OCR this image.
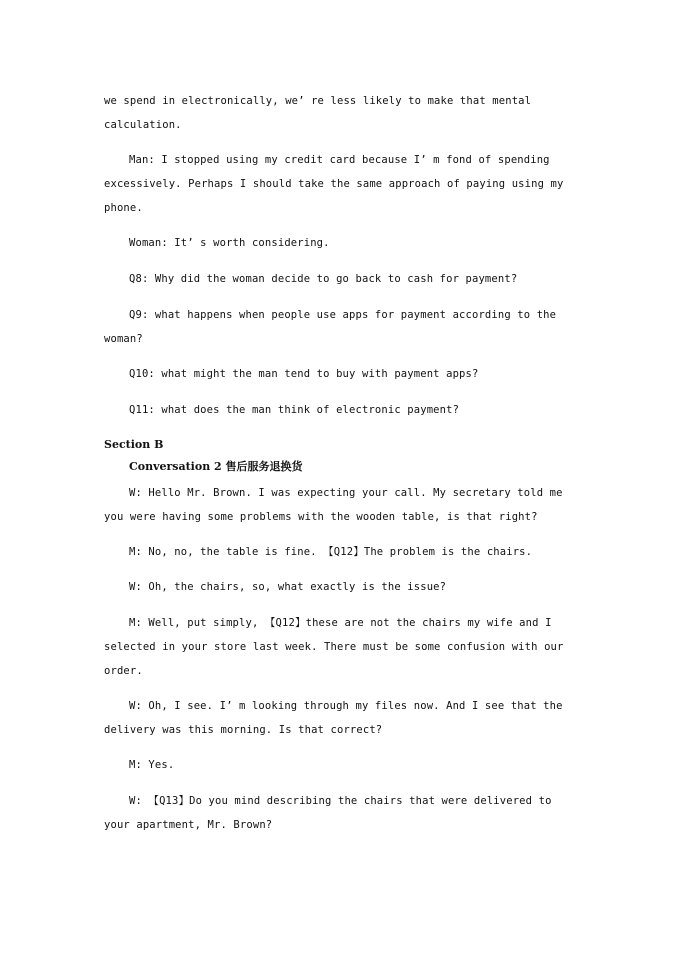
we spend in electronically, we’ re less likely to make that mental calculation.
Man: I stopped using my credit card because I’ m fond of spending excessively. Perhaps I should take the same approach of paying using my phone.
Woman: It’ s worth considering.
Q8: Why did the woman decide to go back to cash for payment?
Q9: what happens when people use apps for payment according to the woman?
Q10: what might the man tend to buy with payment apps?
Q11: what does the man think of electronic payment?
Section B
Conversation 2 售后服务退换货
W: Hello Mr. Brown. I was expecting your call. My secretary told me you were having some problems with the wooden table, is that right?
M: No, no, the table is fine. 【Q12】The problem is the chairs.
W: Oh, the chairs, so, what exactly is the issue?
M: Well, put simply, 【Q12】these are not the chairs my wife and I selected in your store last week. There must be some confusion with our order.
W: Oh, I see. I’ m looking through my files now. And I see that the delivery was this morning. Is that correct?
M: Yes.
W: 【Q13】Do you mind describing the chairs that were delivered to your apartment, Mr. Brown?
